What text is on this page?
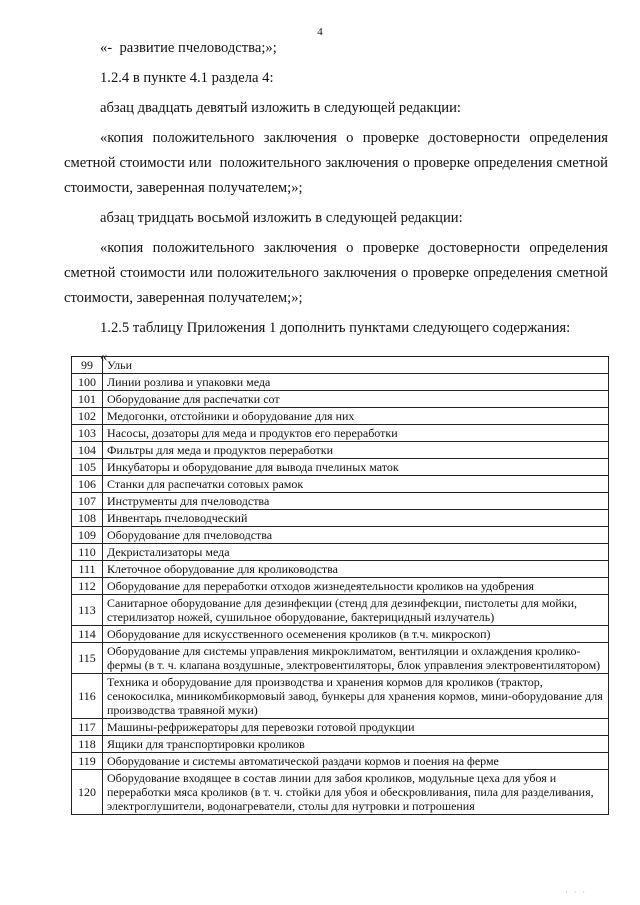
4

«-  развитие пчеловодства;»;

1.2.4 в пункте 4.1 раздела 4:

абзац двадцать девятый изложить в следующей редакции:

«копия положительного заключения о проверке достоверности определения сметной стоимости или  положительного заключения о проверке определения сметной стоимости, заверенная получателем;»;

абзац тридцать восьмой изложить в следующей редакции:

«копия положительного заключения о проверке достоверности определения сметной стоимости или положительного заключения о проверке определения сметной стоимости, заверенная получателем;»;

1.2.5 таблицу Приложения 1 дополнить пунктами следующего содержания:

«

99	Ульи
100	Линии розлива и упаковки меда
101	Оборудование для распечатки сот
102	Медогонки, отстойники и оборудование для них
103	Насосы, дозаторы для меда и продуктов его переработки
104	Фильтры для меда и продуктов переработки
105	Инкубаторы и оборудование для вывода пчелиных маток
106	Станки для распечатки сотовых рамок
107	Инструменты для пчеловодства
108	Инвентарь пчеловодческий
109	Оборудование для пчеловодства
110	Декристализаторы меда
111	Клеточное оборудование для кролиководства
112	Оборудование для переработки отходов жизнедеятельности кроликов на удобрения
113	Санитарное оборудование для дезинфекции (стенд для дезинфекции, пистолеты для мойки, стерилизатор ножей, сушильное оборудование, бактерицидный излучатель)
114	Оборудование для искусственного осеменения кроликов (в т.ч. микроскоп)
115	Оборудование для системы управления микроклиматом, вентиляции и охлаждения кроликофермы (в т. ч. клапана воздушные, электровентиляторы, блок управления электровентилятором)
116	Техника и оборудование для производства и хранения кормов для кроликов (трактор, сенокосилка, миникомбикормовый завод, бункеры для хранения кормов, мини-оборудование для производства травяной муки)
117	Машины-рефрижераторы для перевозки готовой продукции
118	Ящики для транспортировки кроликов
119	Оборудование и системы автоматической раздачи кормов и поения на ферме
120	Оборудование входящее в состав линии для забоя кроликов, модульные цеха для убоя и переработки мяса кроликов (в т. ч. стойки для убоя и обескровливания, пила для разделивания, электроглушители, водонагреватели, столы для нутровки и потрошения
· · ·
